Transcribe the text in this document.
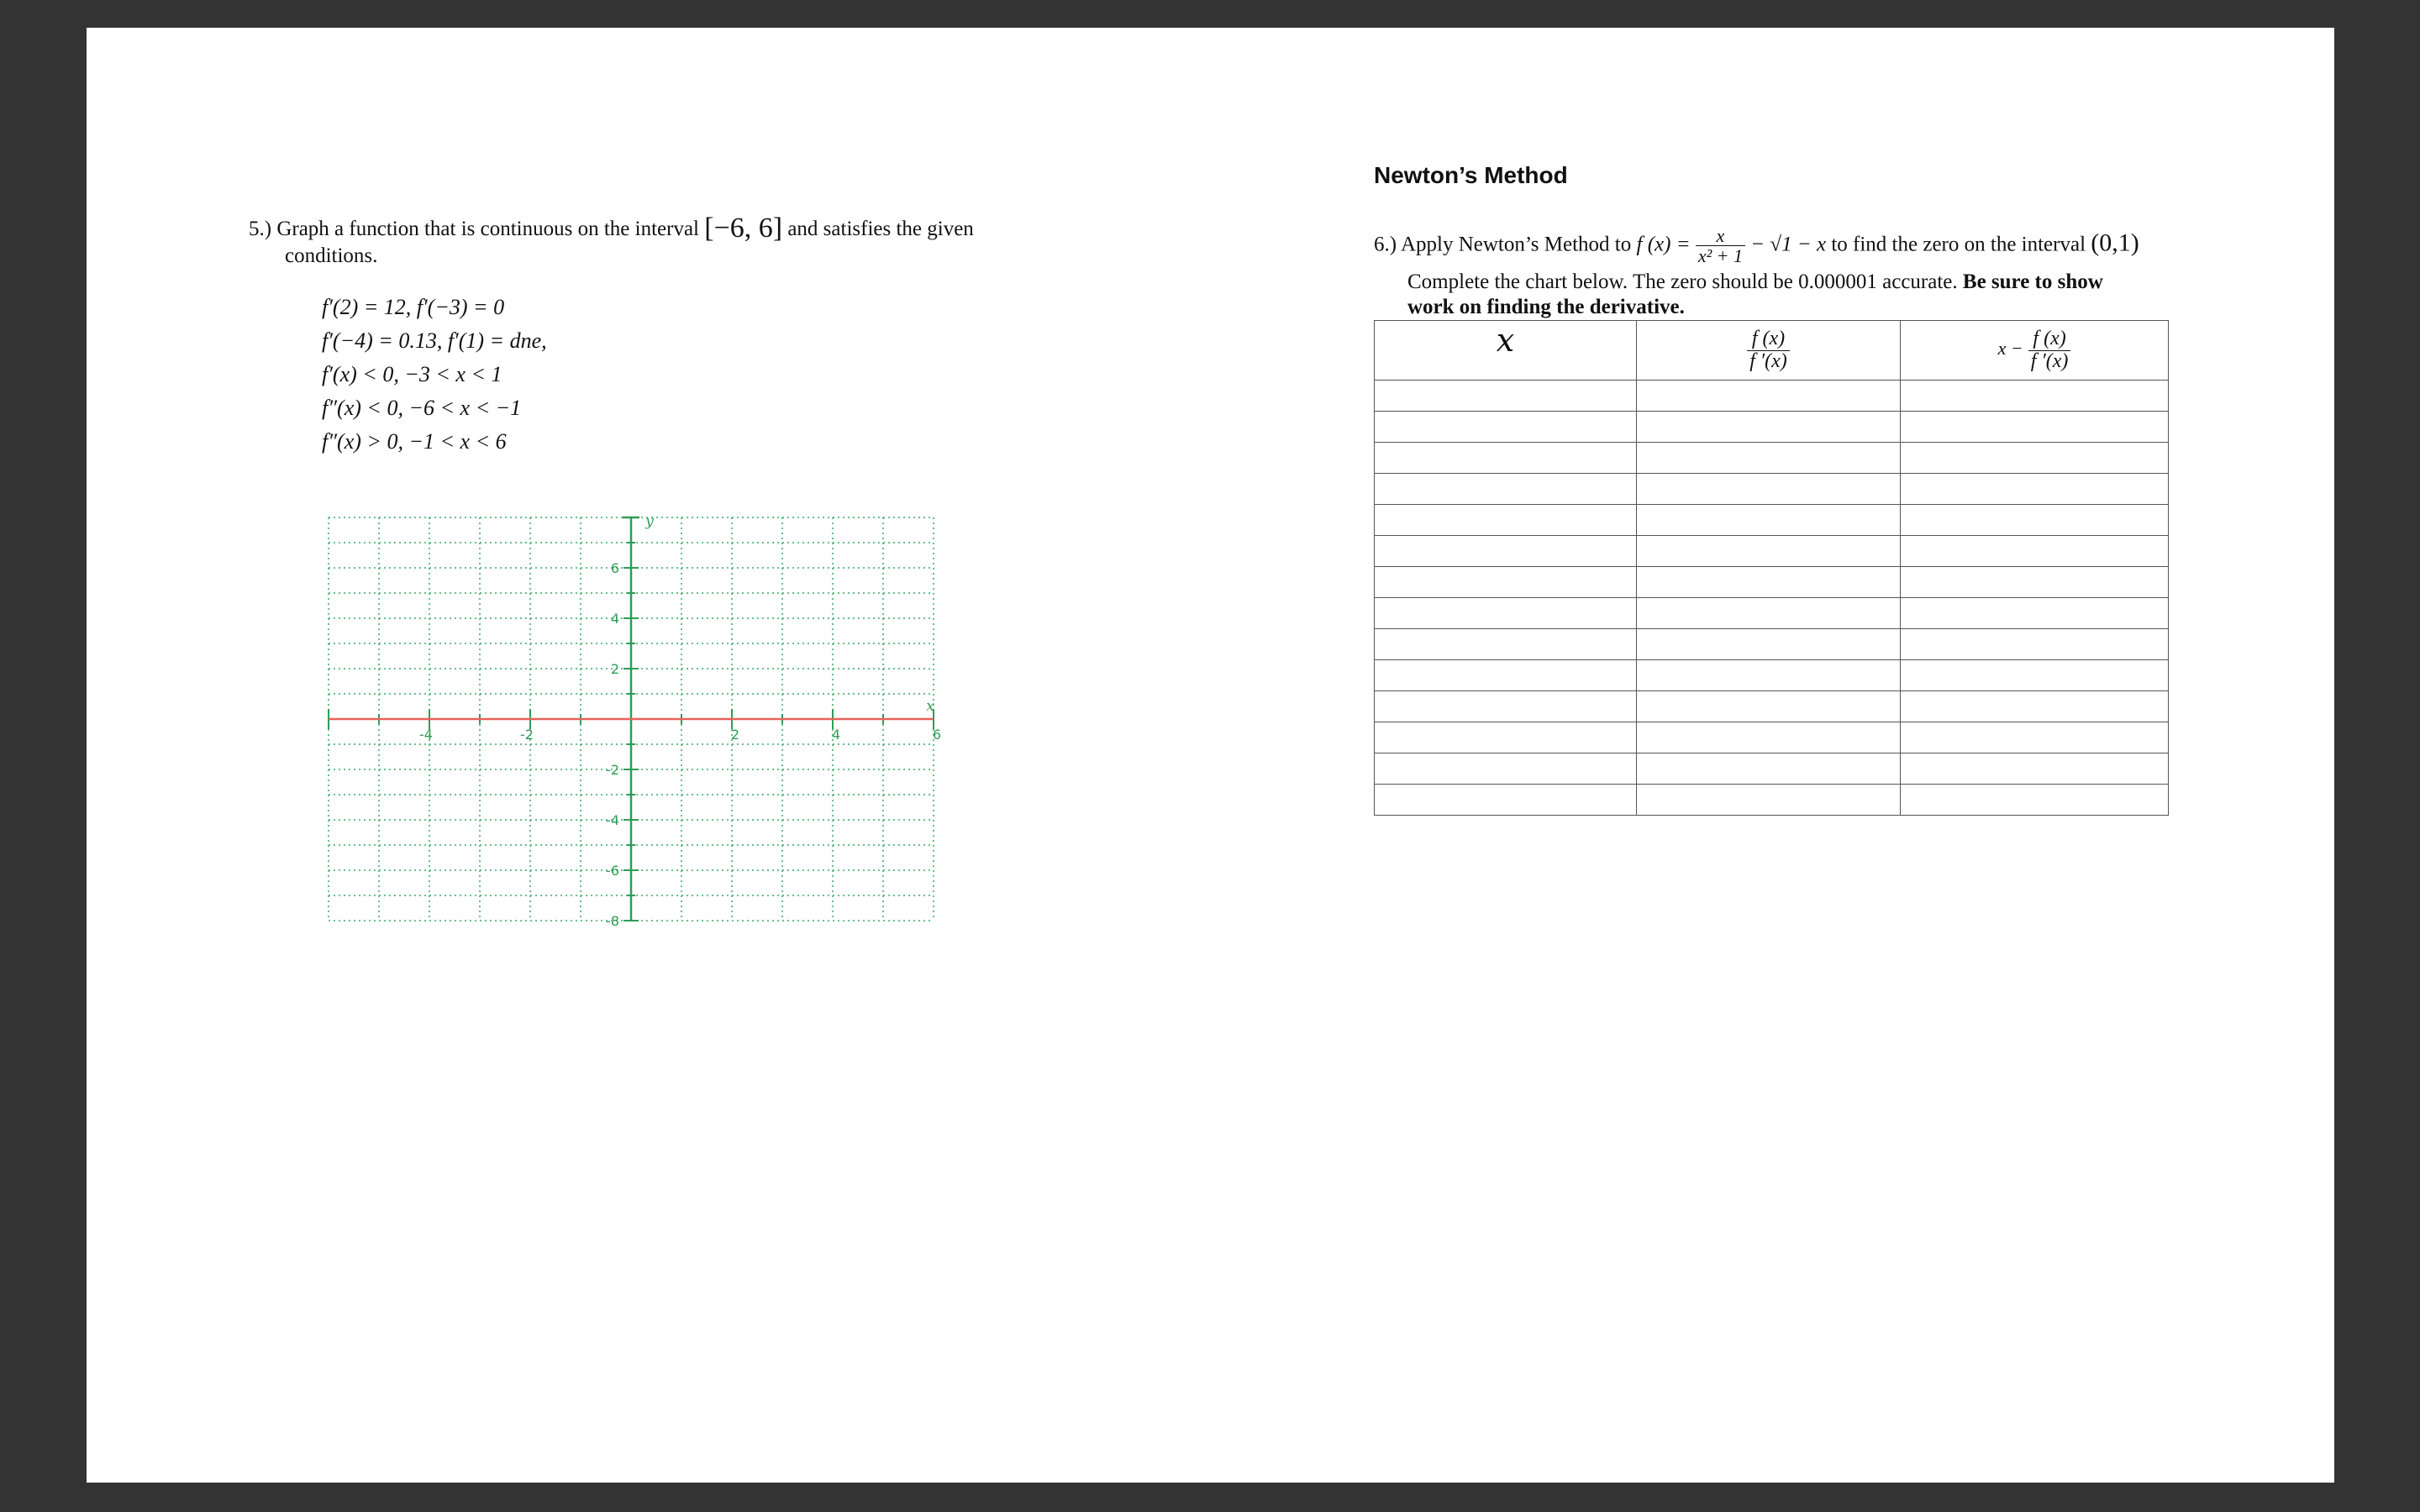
5.) Graph a function that is continuous on the interval [−6, 6] and satisfies the given
conditions.
f′(2) = 12, f′(−3) = 0
f′(−4) = 0.13, f′(1) = dne,
f′(x) < 0, −3 < x < 1
f″(x) < 0, −6 < x < −1
f″(x) > 0, −1 < x < 6
-4	-2	2	4	6
6
4
2
-2
-4
-6
-8
x
y
Newton’s Method
6.) Apply Newton’s Method to f $(x) = \frac{x}{\text{x² + 1}} - √1 - x$ to find the zero on the interval (0,1)
Complete the chart below. The zero should be 0.000001 accurate. Be sure to show work on finding the derivative.
x	$\frac{f (x)}{f '(x)}$	$x - \frac{f (x)}{f '(x)}$
